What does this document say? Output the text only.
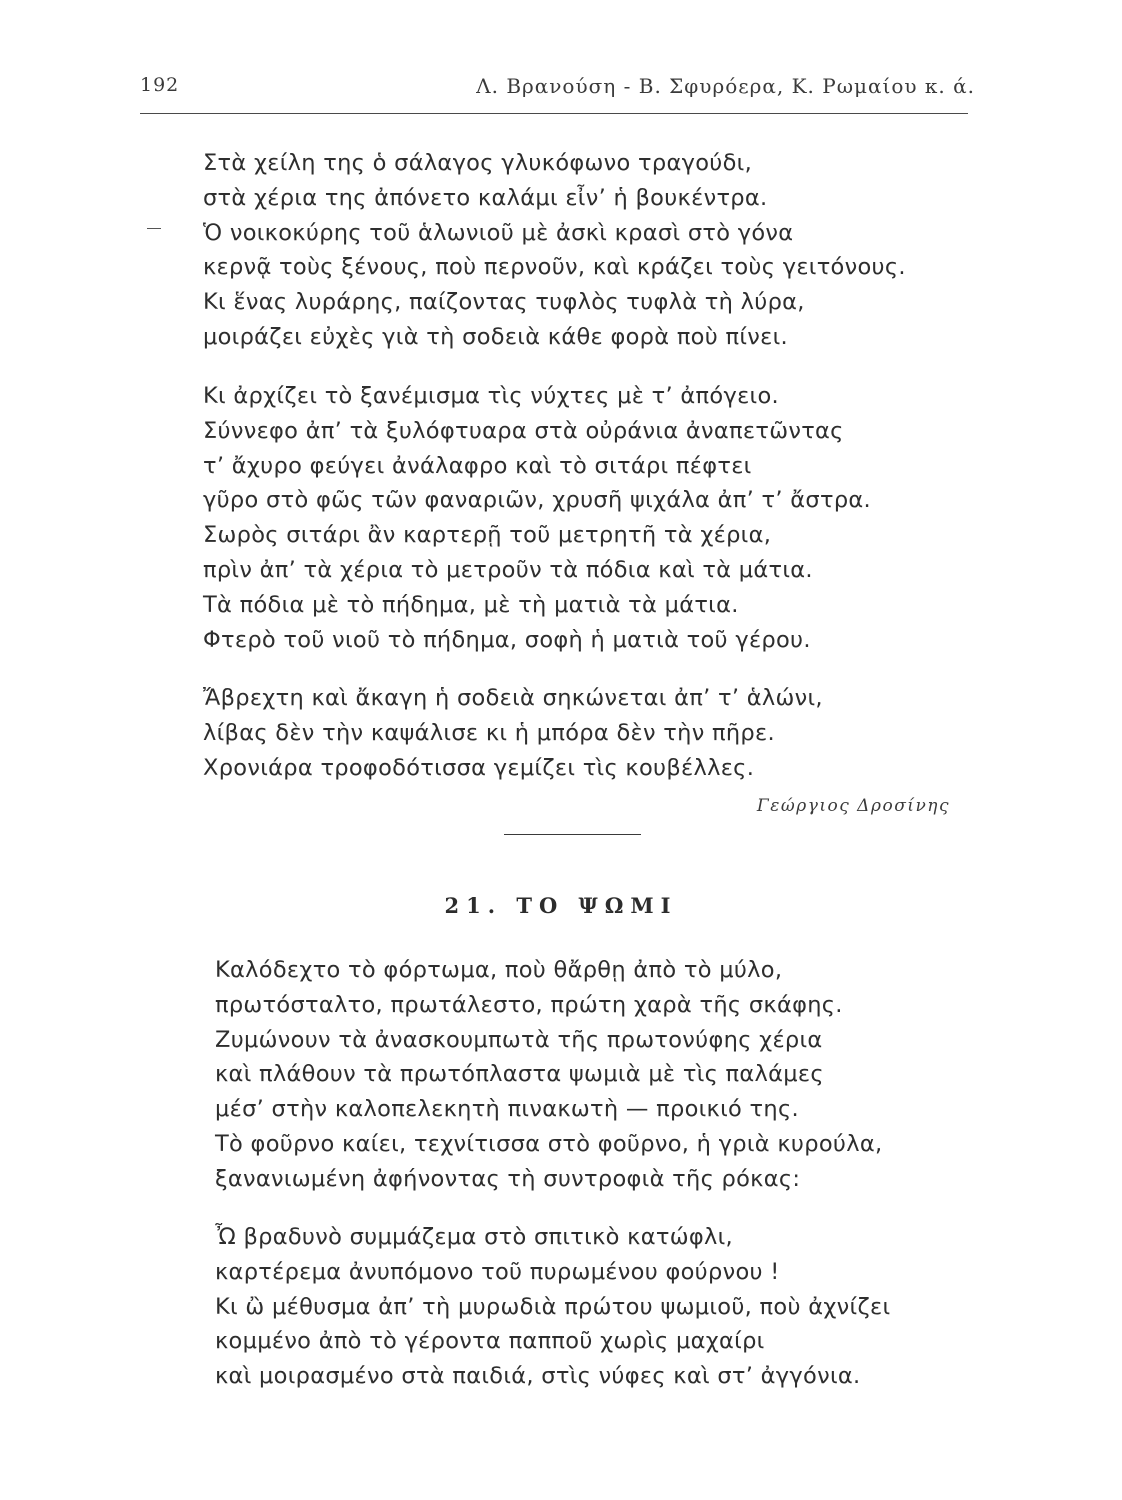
192	Λ. Βρανούση - Β. Σφυρόερα, Κ. Ρωμαίου κ. ά.
Στὰ χείλη της ὁ σάλαγος γλυκόφωνο τραγούδι,
στὰ χέρια της ἀπόνετο καλάμι εἶν’ ἡ βουκέντρα.
Ὁ νοικοκύρης τοῦ ἁλωνιοῦ μὲ ἀσκὶ κρασὶ στὸ γόνα
κερνᾷ τοὺς ξένους, ποὺ περνοῦν, καὶ κράζει τοὺς γειτόνους.
Κι ἕνας λυράρης, παίζοντας τυφλὸς τυφλὰ τὴ λύρα,
μοιράζει εὐχὲς γιὰ τὴ σοδειὰ κάθε φορὰ ποὺ πίνει.
Κι ἀρχίζει τὸ ξανέμισμα τὶς νύχτες μὲ τ’ ἀπόγειο.
Σύννεφο ἀπ’ τὰ ξυλόφτυαρα στὰ οὐράνια ἀναπετῶντας
τ’ ἄχυρο φεύγει ἀνάλαφρο καὶ τὸ σιτάρι πέφτει
γῦρο στὸ φῶς τῶν φαναριῶν, χρυσῆ ψιχάλα ἀπ’ τ’ ἄστρα.
Σωρὸς σιτάρι ἂν καρτερῇ τοῦ μετρητῆ τὰ χέρια,
πρὶν ἀπ’ τὰ χέρια τὸ μετροῦν τὰ πόδια καὶ τὰ μάτια.
Τὰ πόδια μὲ τὸ πήδημα, μὲ τὴ ματιὰ τὰ μάτια.
Φτερὸ τοῦ νιοῦ τὸ πήδημα, σοφὴ ἡ ματιὰ τοῦ γέρου.
Ἄβρεχτη καὶ ἄκαγη ἡ σοδειὰ σηκώνεται ἀπ’ τ’ ἁλώνι,
λίβας δὲν τὴν καψάλισε κι ἡ μπόρα δὲν τὴν πῆρε.
Χρονιάρα τροφοδότισσα γεμίζει τὶς κουβέλλες.
Γεώργιος Δροσίνης
21. ΤΟ ΨΩΜΙ
Καλόδεχτο τὸ φόρτωμα, ποὺ θἄρθῃ ἀπὸ τὸ μύλο,
πρωτόσταλτο, πρωτάλεστο, πρώτη χαρὰ τῆς σκάφης.
Ζυμώνουν τὰ ἀνασκουμπωτὰ τῆς πρωτονύφης χέρια
καὶ πλάθουν τὰ πρωτόπλαστα ψωμιὰ μὲ τὶς παλάμες
μέσ’ στὴν καλοπελεκητὴ πινακωτὴ — προικιό της.
Τὸ φοῦρνο καίει, τεχνίτισσα στὸ φοῦρνο, ἡ γριὰ κυρούλα,
ξανανιωμένη ἀφήνοντας τὴ συντροφιὰ τῆς ρόκας:
Ὦ βραδυνὸ συμμάζεμα στὸ σπιτικὸ κατώφλι,
καρτέρεμα ἀνυπόμονο τοῦ πυρωμένου φούρνου !
Κι ὢ μέθυσμα ἀπ’ τὴ μυρωδιὰ πρώτου ψωμιοῦ, ποὺ ἀχνίζει
κομμένο ἀπὸ τὸ γέροντα παπποῦ χωρὶς μαχαίρι
καὶ μοιρασμένο στὰ παιδιά, στὶς νύφες καὶ στ’ ἀγγόνια.
